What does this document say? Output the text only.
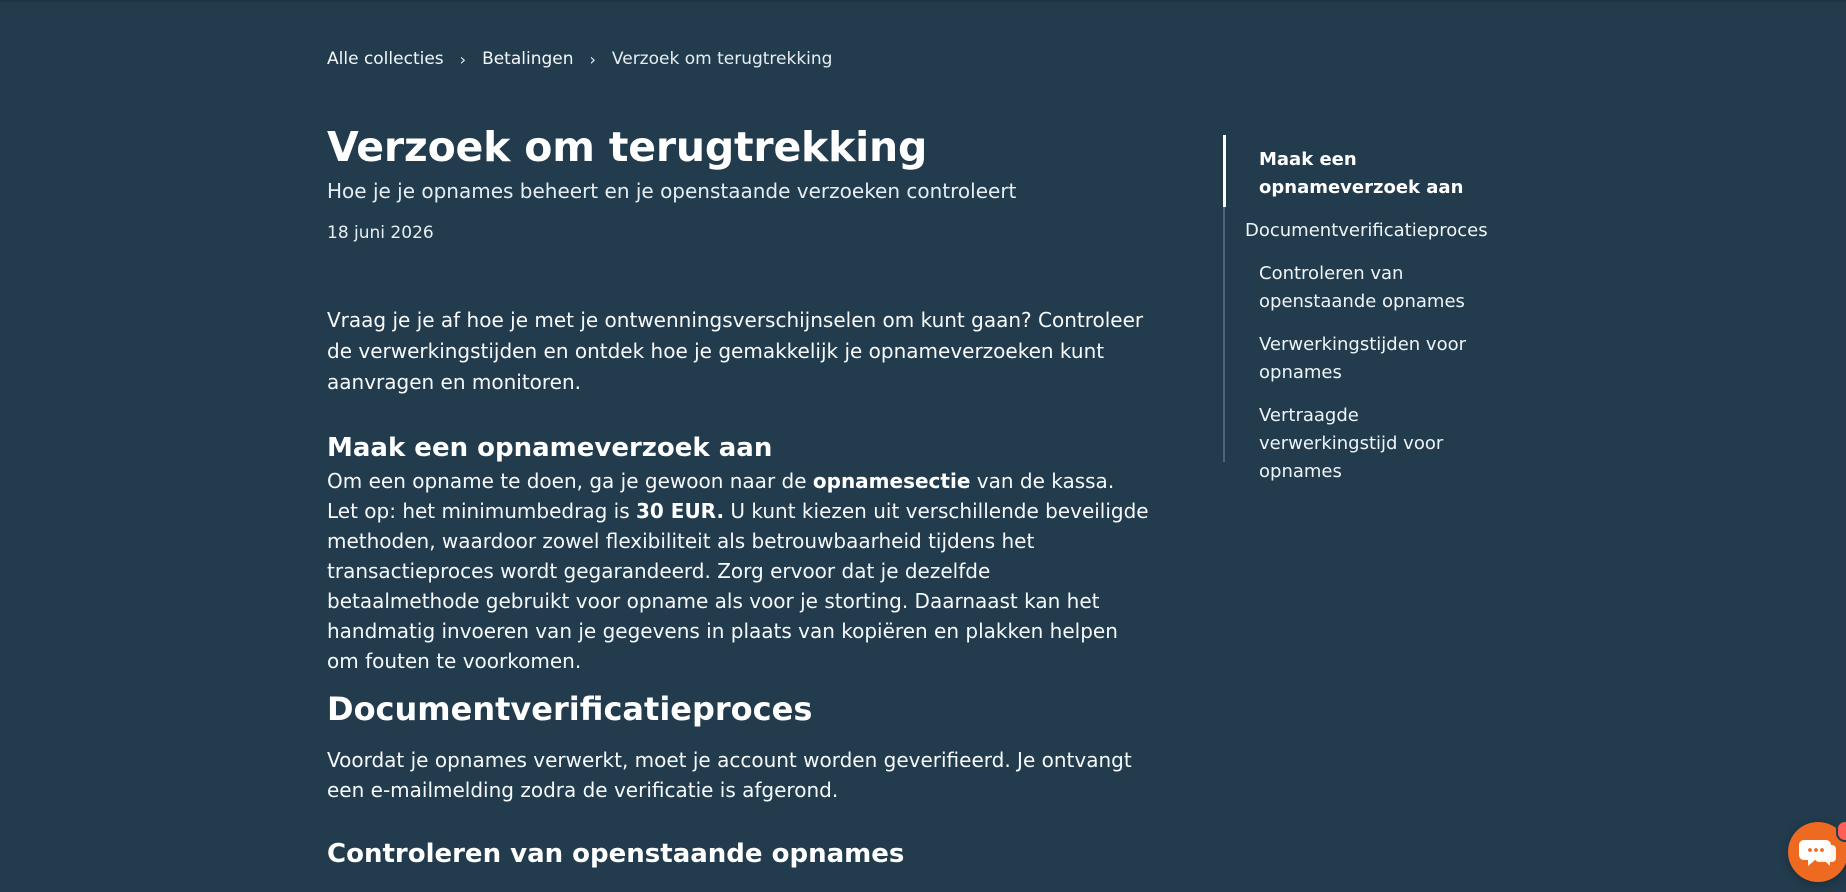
Alle collecties › Betalingen › Verzoek om terugtrekking
Verzoek om terugtrekking
Hoe je je opnames beheert en je openstaande verzoeken controleert
18 juni 2026

Vraag je je af hoe je met je ontwenningsverschijnselen om kunt gaan? Controleer de verwerkingstijden en ontdek hoe je gemakkelijk je opnameverzoeken kunt aanvragen en monitoren.

Maak een opnameverzoek aan

Om een opname te doen, ga je gewoon naar de opnamesectie van de kassa. Let op: het minimumbedrag is 30 EUR. U kunt kiezen uit verschillende beveiligde methoden, waardoor zowel flexibiliteit als betrouwbaarheid tijdens het transactieproces wordt gegarandeerd. Zorg ervoor dat je dezelfde betaalmethode gebruikt voor opname als voor je storting. Daarnaast kan het handmatig invoeren van je gegevens in plaats van kopiëren en plakken helpen om fouten te voorkomen.

Documentverificatieproces

Voordat je opnames verwerkt, moet je account worden geverifieerd. Je ontvangt een e-mailmelding zodra de verificatie is afgerond.

Controleren van openstaande opnames
Maak een opnameverzoek aan
Documentverificatieproces
Controleren van openstaande opnames
Verwerkingstijden voor opnames
Vertraagde verwerkingstijd voor opnames
